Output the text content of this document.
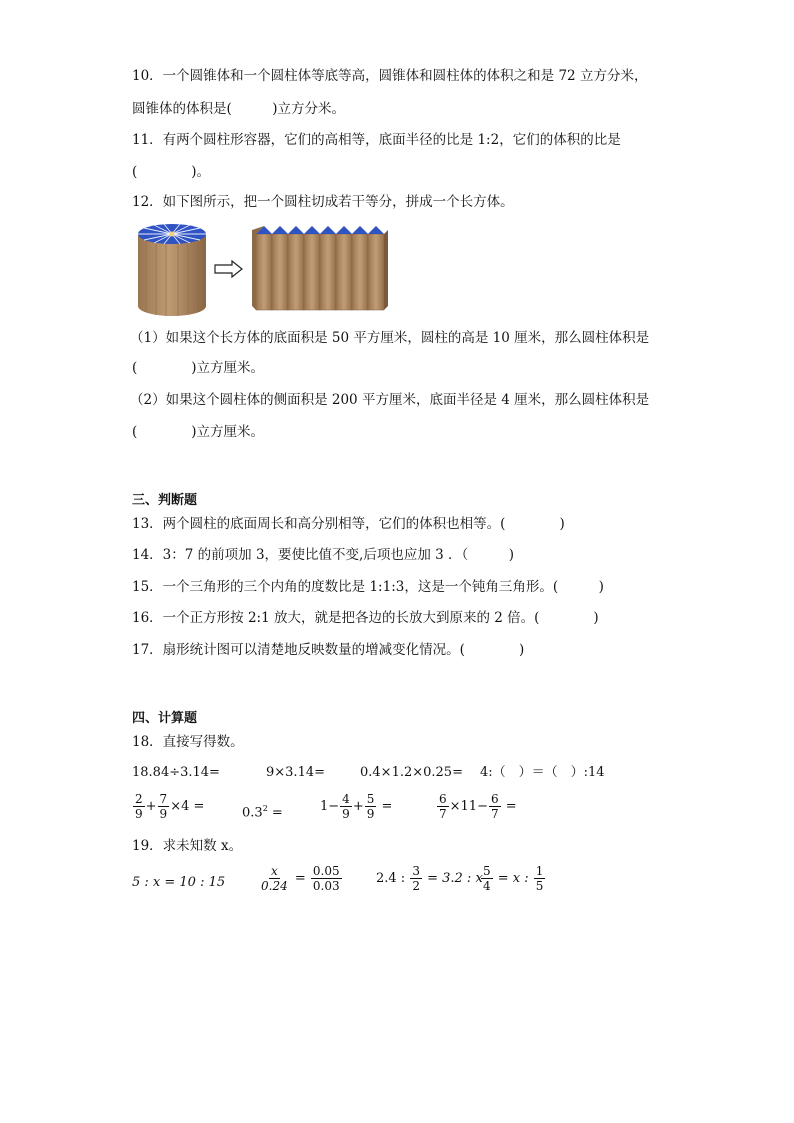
10．一个圆锥体和一个圆柱体等底等高，圆锥体和圆柱体的体积之和是 72 立方分米，
圆锥体的体积是(　　　)立方分米。
11．有两个圆柱形容器，它们的高相等，底面半径的比是 1:2，它们的体积的比是
(　　　　)。
12．如下图所示，把一个圆柱切成若干等分，拼成一个长方体。
（1）如果这个长方体的底面积是 50 平方厘米，圆柱的高是 10 厘米，那么圆柱体积是
(　　　　)立方厘米。
（2）如果这个圆柱体的侧面积是 200 平方厘米，底面半径是 4 厘米，那么圆柱体积是
(　　　　)立方厘米。
三、判断题
13．两个圆柱的底面周长和高分别相等，它们的体积也相等。(　　　　)
14．3：7 的前项加 3，要使比值不变,后项也应加 3 ．（　　　)
15．一个三角形的三个内角的度数比是 1:1:3，这是一个钝角三角形。(　　　)
16．一个正方形按 2:1 放大，就是把各边的长放大到原来的 2 倍。(　　　　)
17．扇形统计图可以清楚地反映数量的增减变化情况。(　　　　)
四、计算题
18．直接写得数。
18.84÷3.14=	9×3.14=	0.4×1.2×0.25= 4:（　）＝（　）:14
$\frac{2}{9} + \frac{7}{9} \times 4$ =	$0.3^2$ =	$1- \frac{4}{9} + \frac{5}{9}$ =	$\frac{6}{7} \times 11- \frac{6}{7}$ =
19．求未知数 x。
5 : x = 10 : 15	$\frac{x}{0.24} = \frac{0.05}{0.03}$	2.4 : $\frac{3}{2} = 3.2$ : x
$\frac{5}{4} = x$ : $\frac{1}{5}$
